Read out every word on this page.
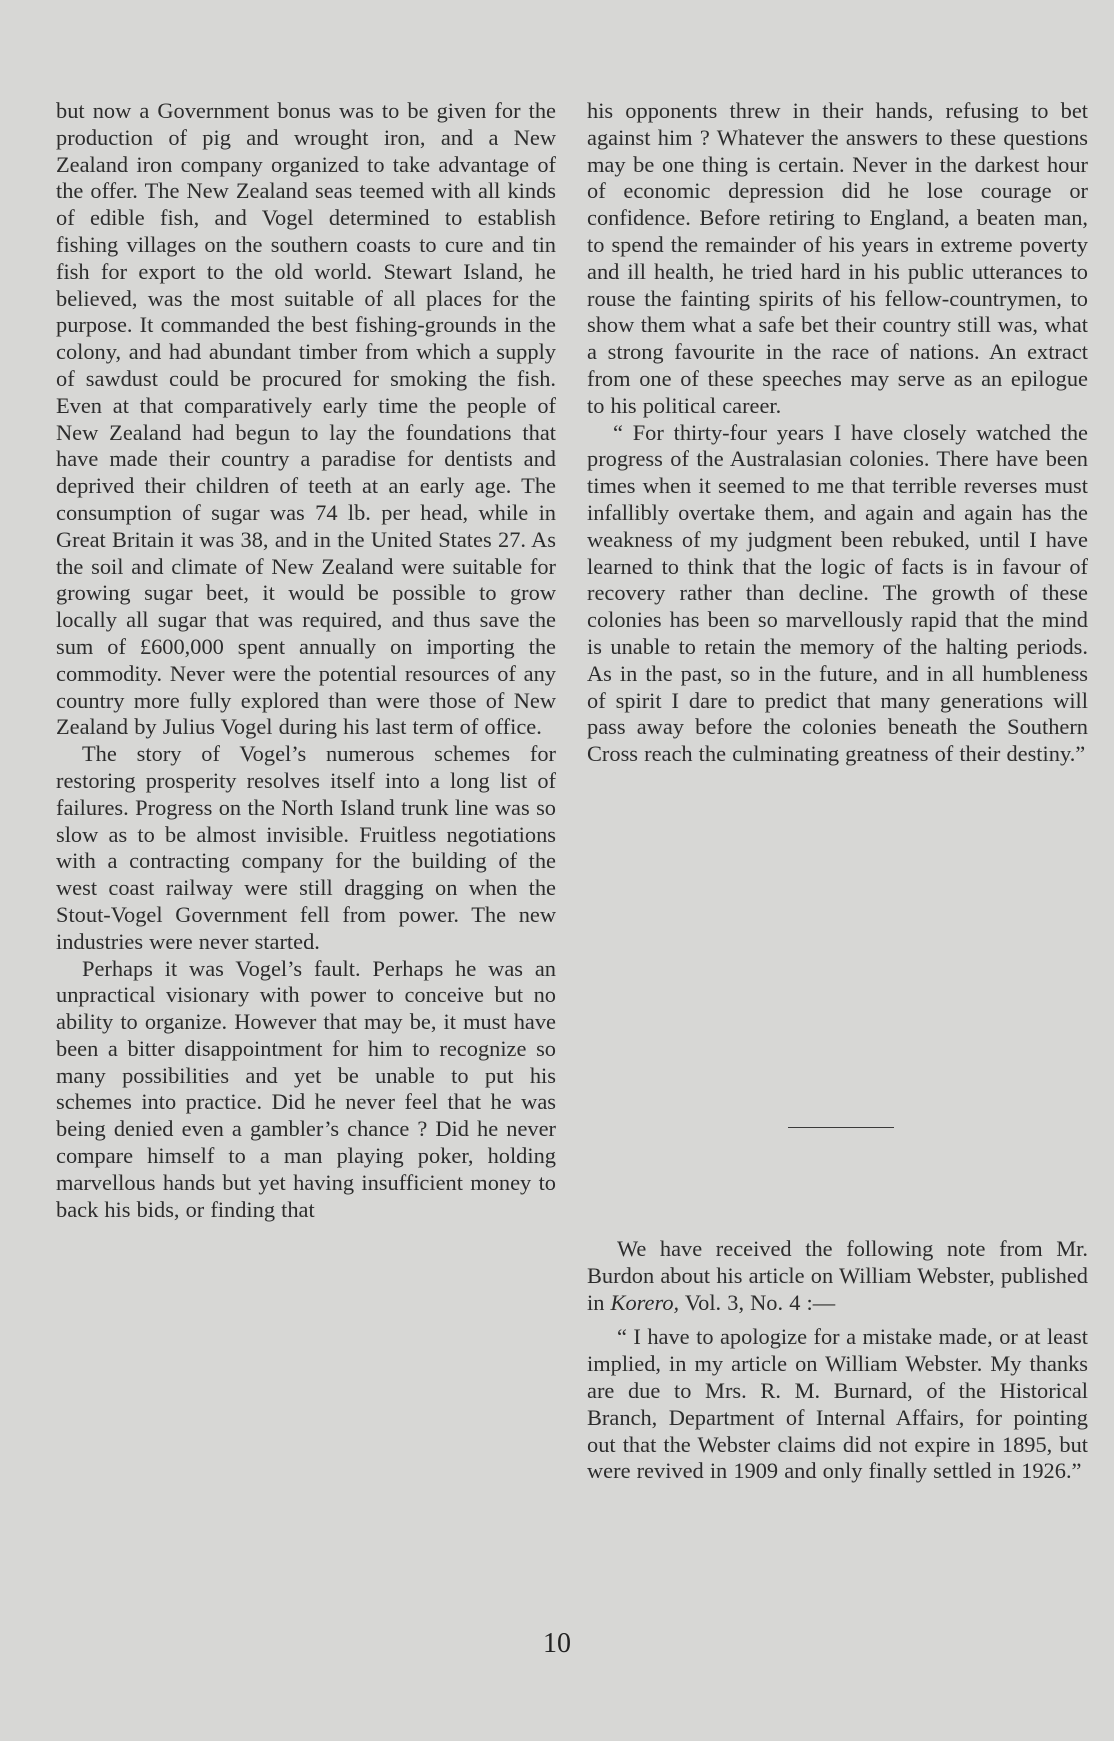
but now a Government bonus was to be given for the production of pig and wrought iron, and a New Zealand iron company organized to take advantage of the offer. The New Zealand seas teemed with all kinds of edible fish, and Vogel determined to establish fishing villages on the southern coasts to cure and tin fish for export to the old world. Stewart Island, he believed, was the most suitable of all places for the purpose. It commanded the best fishing-grounds in the colony, and had abundant timber from which a supply of sawdust could be procured for smoking the fish. Even at that comparatively early time the people of New Zealand had begun to lay the foundations that have made their country a paradise for dentists and deprived their children of teeth at an early age. The consumption of sugar was 74 lb. per head, while in Great Britain it was 38, and in the United States 27. As the soil and climate of New Zealand were suitable for growing sugar beet, it would be possible to grow locally all sugar that was required, and thus save the sum of £600,000 spent annually on importing the commodity. Never were the potential resources of any country more fully explored than were those of New Zealand by Julius Vogel during his last term of office.

The story of Vogel’s numerous schemes for restoring prosperity resolves itself into a long list of failures. Progress on the North Island trunk line was so slow as to be almost invisible. Fruitless negotiations with a contracting company for the building of the west coast railway were still dragging on when the Stout-Vogel Government fell from power. The new industries were never started.

Perhaps it was Vogel’s fault. Perhaps he was an unpractical visionary with power to conceive but no ability to organize. However that may be, it must have been a bitter disappointment for him to recognize so many possibilities and yet be unable to put his schemes into practice. Did he never feel that he was being denied even a gambler’s chance ? Did he never compare himself to a man playing poker, holding marvellous hands but yet having insufficient money to back his bids, or finding that

his opponents threw in their hands, refusing to bet against him ? Whatever the answers to these questions may be one thing is certain. Never in the darkest hour of economic depression did he lose courage or confidence. Before retiring to England, a beaten man, to spend the remainder of his years in extreme poverty and ill health, he tried hard in his public utterances to rouse the fainting spirits of his fellow-countrymen, to show them what a safe bet their country still was, what a strong favourite in the race of nations. An extract from one of these speeches may serve as an epilogue to his political career.

“ For thirty-four years I have closely watched the progress of the Australasian colonies. There have been times when it seemed to me that terrible reverses must infallibly overtake them, and again and again has the weakness of my judgment been rebuked, until I have learned to think that the logic of facts is in favour of recovery rather than decline. The growth of these colonies has been so marvellously rapid that the mind is unable to retain the memory of the halting periods. As in the past, so in the future, and in all humbleness of spirit I dare to predict that many generations will pass away before the colonies beneath the Southern Cross reach the culminating greatness of their destiny.”

We have received the following note from Mr. Burdon about his article on William Webster, published in Korero, Vol. 3, No. 4 :—

“ I have to apologize for a mistake made, or at least implied, in my article on William Webster. My thanks are due to Mrs. R. M. Burnard, of the Historical Branch, Department of Internal Affairs, for pointing out that the Webster claims did not expire in 1895, but were revived in 1909 and only finally settled in 1926.”

10
